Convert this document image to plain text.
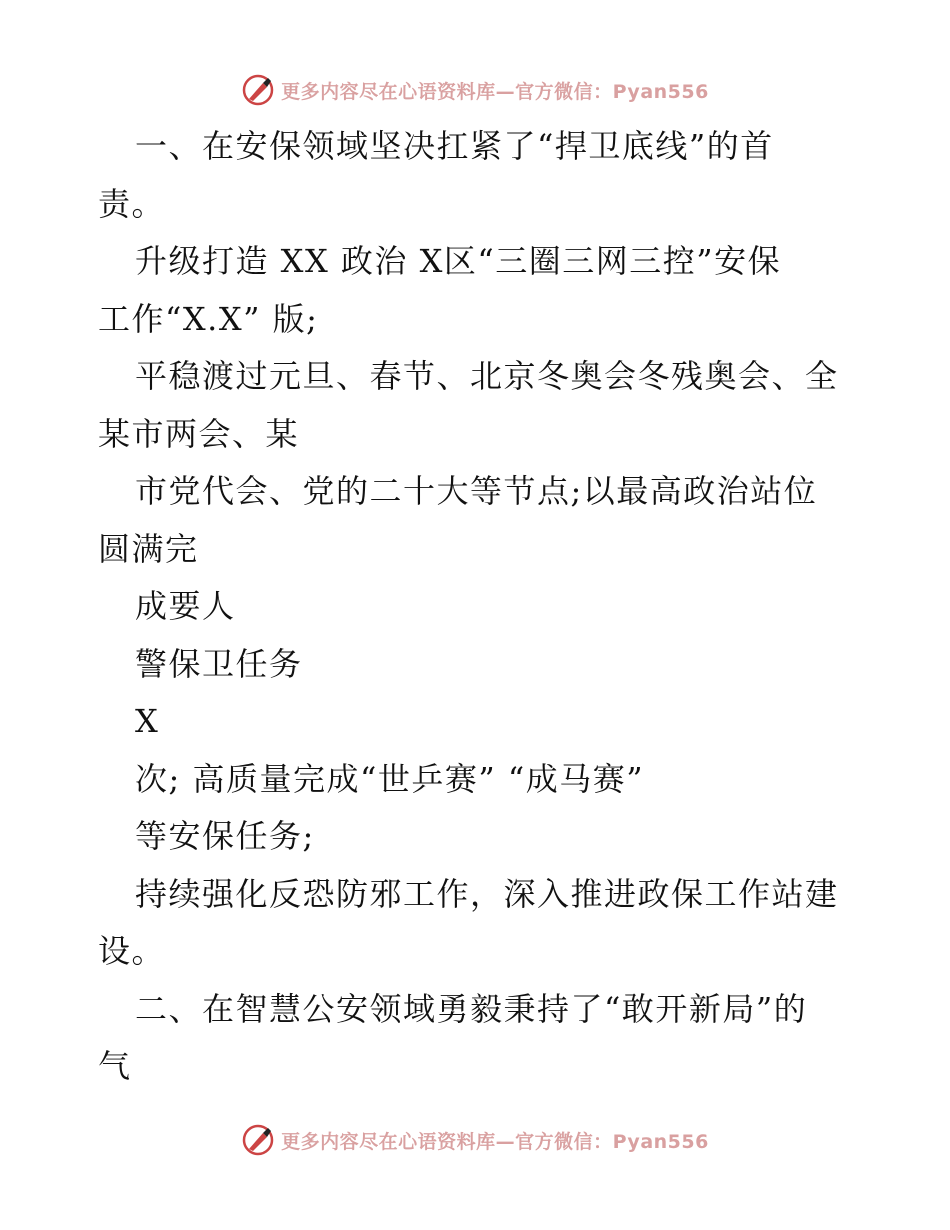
更多内容尽在心语资料库—官方微信：Pyan556
一、在安保领域坚决扛紧了“捍卫底线”的首
责。
升级打造 XX 政治 X区“三圈三网三控”安保
工作“X.X” 版;
平稳渡过元旦、春节、北京冬奥会冬残奥会、全
某市两会、某
市党代会、党的二十大等节点;以最高政治站位
圆满完
成要人
警保卫任务
X
次; 高质量完成“世乒赛” “成马赛”
等安保任务;
持续强化反恐防邪工作，深入推进政保工作站建
设。
二、在智慧公安领域勇毅秉持了“敢开新局”的
气
更多内容尽在心语资料库—官方微信：Pyan556
